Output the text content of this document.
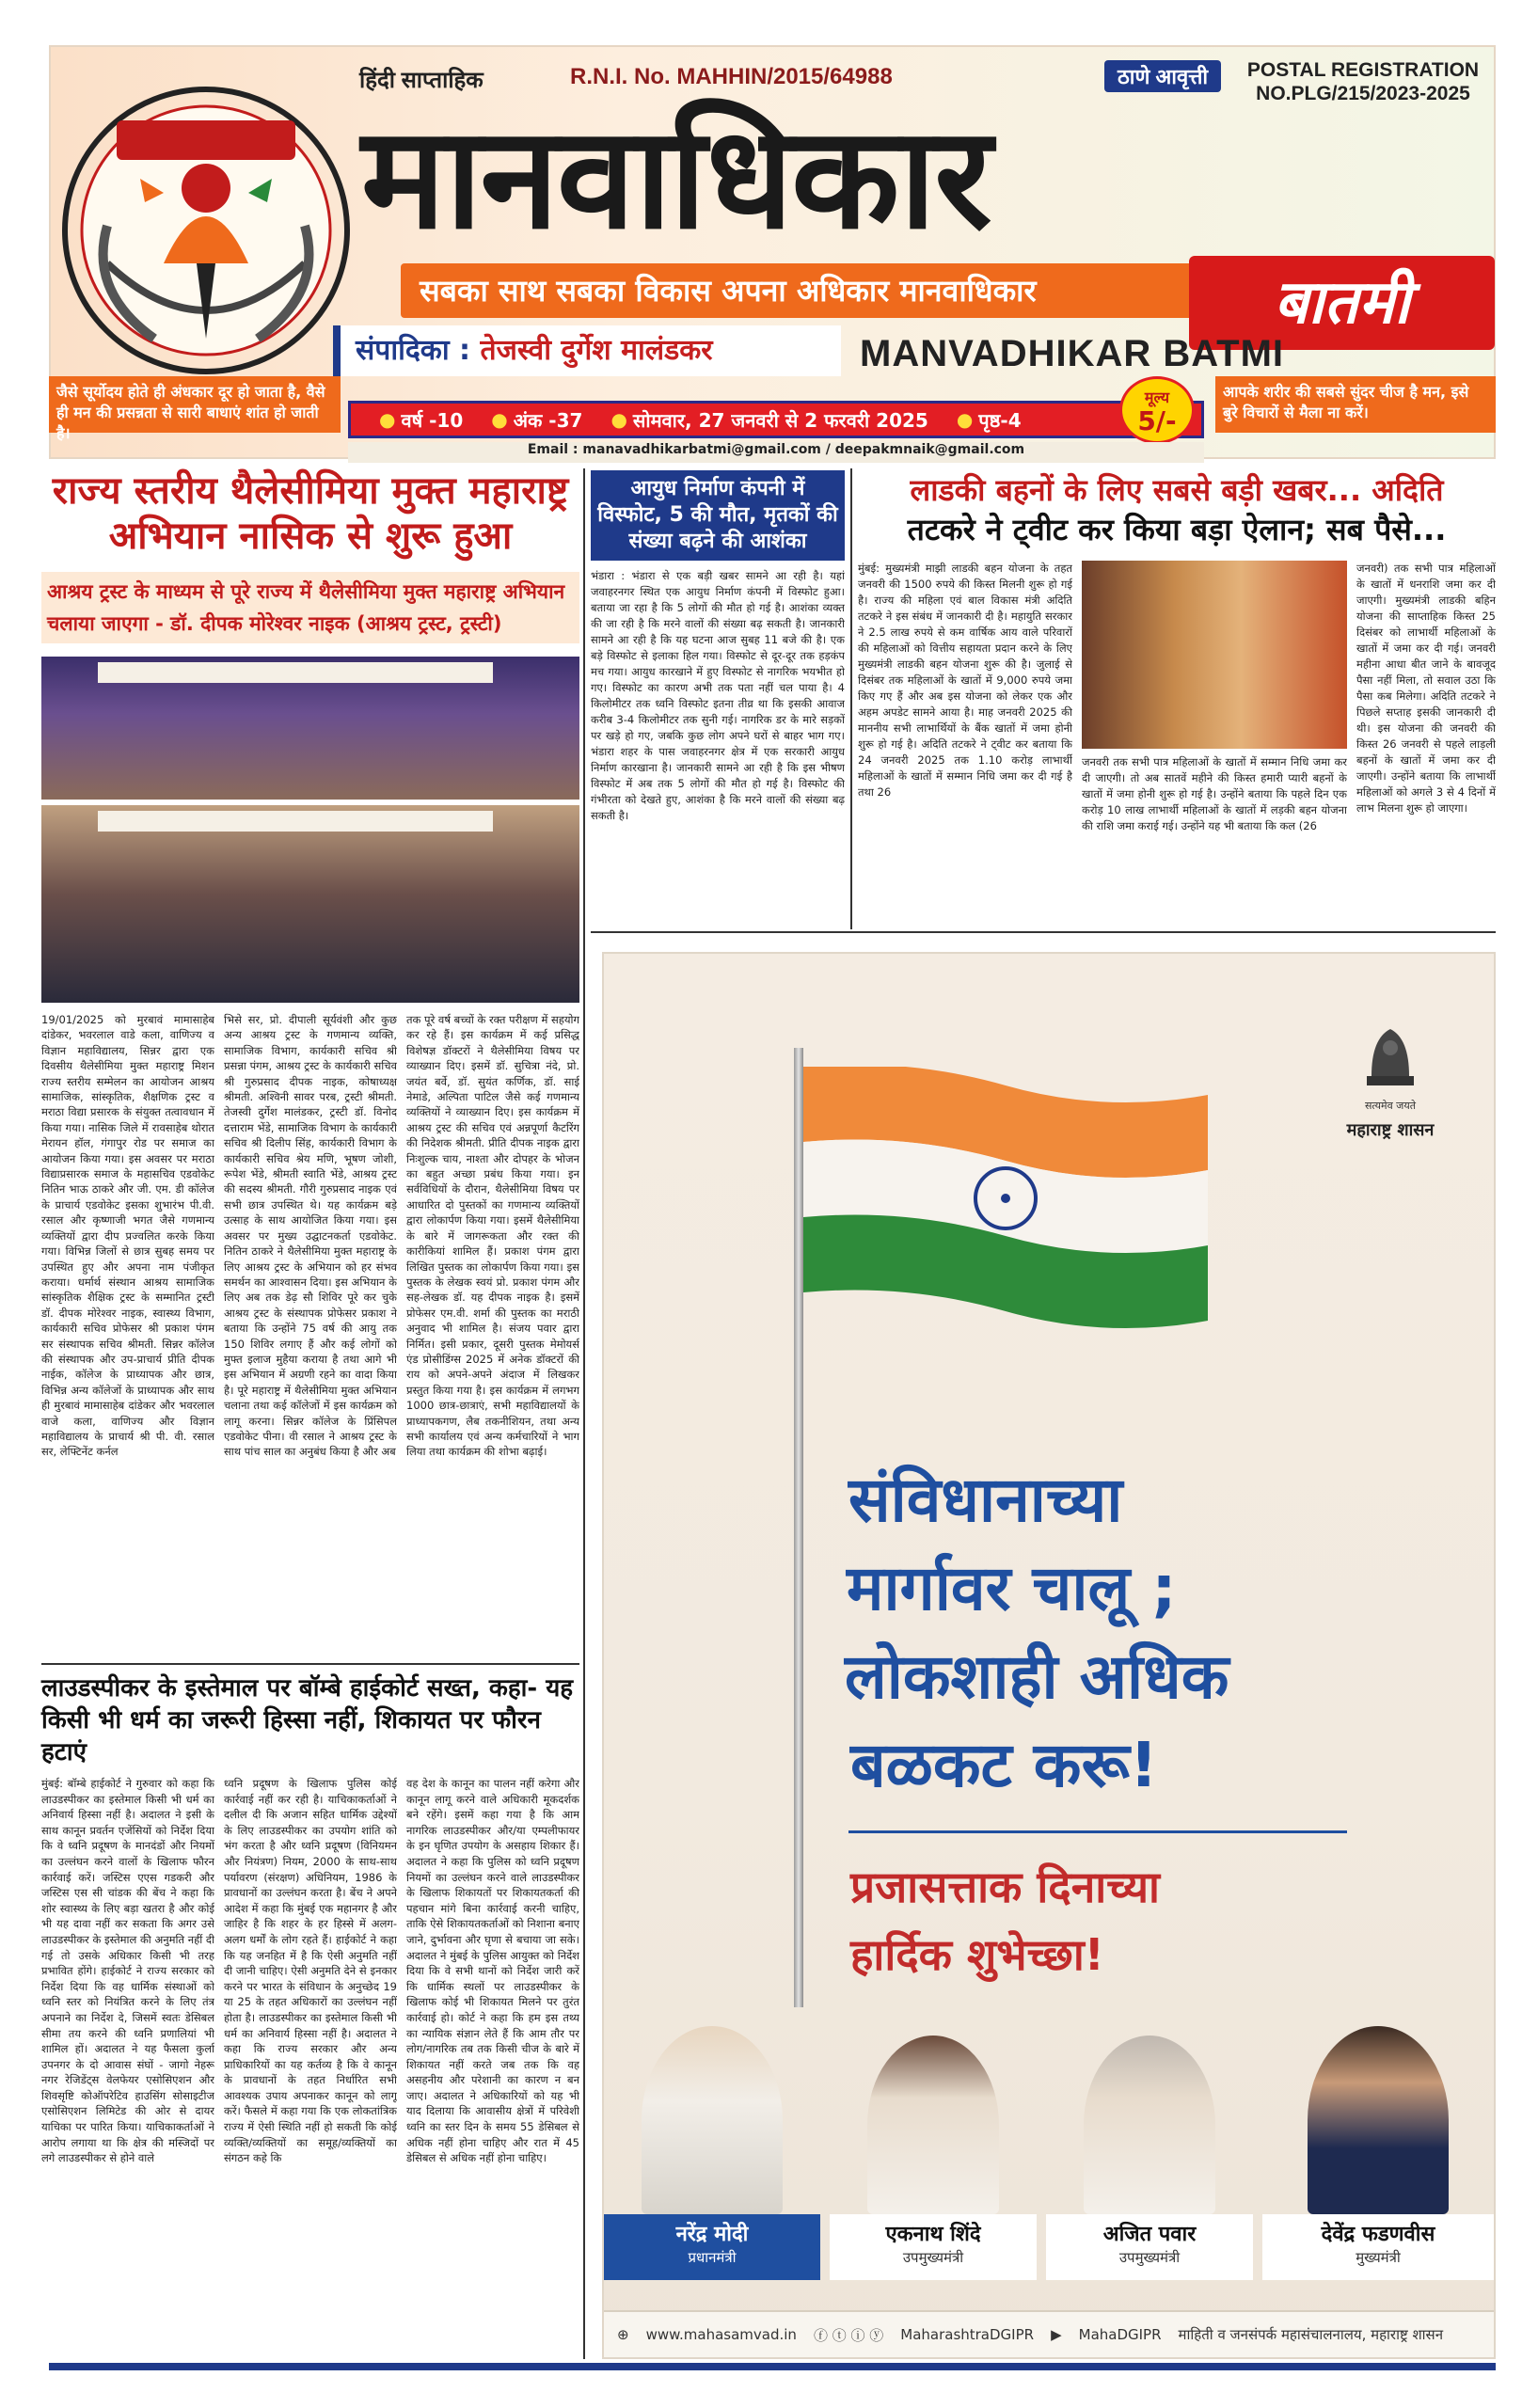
हिंदी साप्ताहिक	R.N.I. No. MAHHIN/2015/64988	ठाणे आवृत्ती	POSTAL REGISTRATION
NO.PLG/215/2023-2025
मानवाधिकार
सबका साथ सबका विकास अपना अधिकार मानवाधिकार	बातमी
संपादिका : तेजस्वी दुर्गेश मालंडकर	MANVADHIKAR BATMI
जैसे सूर्योदय होते ही अंधकार दूर हो जाता है, वैसे ही मन की प्रसन्नता से सारी बाधाएं शांत हो जाती है।
आपके शरीर की सबसे सुंदर चीज है मन, इसे बुरे विचारों से मैला ना करें।
● वर्ष -10 ● अंक -37 ● सोमवार, 27 जनवरी से 2 फरवरी 2025 ● पृष्ठ-4
मूल्य
5/-
Email : manavadhikarbatmi@gmail.com / deepakmnaik@gmail.com
राज्य स्तरीय थैलेसीमिया मुक्त महाराष्ट्र अभियान नासिक से शुरू हुआ
आश्रय ट्रस्ट के माध्यम से पूरे राज्य में थैलेसीमिया मुक्त महाराष्ट्र अभियान चलाया जाएगा - डॉ. दीपक मोरेश्वर नाइक (आश्रय ट्रस्ट, ट्रस्टी)
19/01/2025 को मुरबावं मामासाहेब दांडेकर, भवरलाल वाडे कला, वाणिज्य व विज्ञान महाविद्यालय, सिन्नर द्वारा एक दिवसीय थैलेसीमिया मुक्त महाराष्ट्र मिशन राज्य स्तरीय सम्मेलन का आयोजन आश्रय सामाजिक, सांस्कृतिक, शैक्षणिक ट्रस्ट व मराठा विद्या प्रसारक के संयुक्त तत्वावधान में किया गया। नासिक जिले में रावसाहेब थोरात मेरायन हॉल, गंगापुर रोड पर समाज का आयोजन किया गया। इस अवसर पर मराठा विद्याप्रसारक समाज के महासचिव एडवोकेट नितिन भाऊ ठाकरे और जी. एम. डी कॉलेज के प्राचार्य एडवोकेट इसका शुभारंभ पी.वी. रसाल और कृष्णाजी भगत जैसे गणमान्य व्यक्तियों द्वारा दीप प्रज्वलित करके किया गया। विभिन्न जिलों से छात्र सुबह समय पर उपस्थित हुए और अपना नाम पंजीकृत कराया। धर्मार्थ संस्थान आश्रय सामाजिक सांस्कृतिक शैक्षिक ट्रस्ट के सम्मानित ट्रस्टी डॉ. दीपक मोरेश्वर नाइक, स्वास्थ्य विभाग, कार्यकारी सचिव प्रोफेसर श्री प्रकाश पंगम सर संस्थापक सचिव श्रीमती. सिन्नर कॉलेज की संस्थापक और उप-प्राचार्य प्रीति दीपक नाईक, कॉलेज के प्राध्यापक और छात्र, विभिन्न अन्य कॉलेजों के प्राध्यापक और साथ ही मुरबावं मामासाहेब दांडेकर और भवरलाल वाजे कला, वाणिज्य और विज्ञान महाविद्यालय के प्राचार्य श्री पी. वी. रसाल सर, लेफ्टिनेंट कर्नल
भिसे सर, प्रो. दीपाली सूर्यवंशी और कुछ अन्य आश्रय ट्रस्ट के गणमान्य व्यक्ति, सामाजिक विभाग, कार्यकारी सचिव श्री प्रसन्ना पंगम, आश्रय ट्रस्ट के कार्यकारी सचिव श्री गुरुप्रसाद दीपक नाइक, कोषाध्यक्ष श्रीमती. अश्विनी सावर परब, ट्रस्टी श्रीमती. तेजस्वी दुर्गेश मालंडकर, ट्रस्टी डॉ. विनोद दत्ताराम भेंडे, सामाजिक विभाग के कार्यकारी सचिव श्री दिलीप सिंह, कार्यकारी विभाग के कार्यकारी सचिव श्रेय मणि, भूषण जोशी, रूपेश भेंडे, श्रीमती स्वाति भेंडे, आश्रय ट्रस्ट की सदस्य श्रीमती. गौरी गुरुप्रसाद नाइक एवं सभी छात्र उपस्थित थे। यह कार्यक्रम बड़े उत्साह के साथ आयोजित किया गया। इस अवसर पर मुख्य उद्घाटनकर्ता एडवोकेट. नितिन ठाकरे ने थैलेसीमिया मुक्त महाराष्ट्र के लिए आश्रय ट्रस्ट के अभियान को हर संभव समर्थन का आश्वासन दिया। इस अभियान के लिए अब तक डेढ़ सौ शिविर पूरे कर चुके आश्रय ट्रस्ट के संस्थापक प्रोफेसर प्रकाश ने बताया कि उन्होंने 75 वर्ष की आयु तक 150 शिविर लगाए हैं और कई लोगों को मुफ्त इलाज मुहैया कराया है तथा आगे भी इस अभियान में अग्रणी रहने का वादा किया है। पूरे महाराष्ट्र में थैलेसीमिया मुक्त अभियान चलाना तथा कई कॉलेजों में इस कार्यक्रम को लागू करना। सिन्नर कॉलेज के प्रिंसिपल एडवोकेट पीना। वी रसाल ने आश्रय ट्रस्ट के साथ पांच साल का अनुबंध किया है और अब
तक पूरे वर्ष बच्चों के रक्त परीक्षण में सहयोग कर रहे हैं। इस कार्यक्रम में कई प्रसिद्ध विशेषज्ञ डॉक्टरों ने थैलेसीमिया विषय पर व्याख्यान दिए। इसमें डॉ. सुचित्रा नंदे, प्रो. जयंत बर्वे, डॉ. सुयंत कर्णिक, डॉ. साई नेमाडे, अल्पिता पाटिल जैसे कई गणमान्य व्यक्तियों ने व्याख्यान दिए। इस कार्यक्रम में आश्रय ट्रस्ट की सचिव एवं अन्नपूर्णा कैटरिंग की निदेशक श्रीमती. प्रीति दीपक नाइक द्वारा निःशुल्क चाय, नाश्ता और दोपहर के भोजन का बहुत अच्छा प्रबंध किया गया। इन सर्वविधियों के दौरान, थैलेसीमिया विषय पर आधारित दो पुस्तकों का गणमान्य व्यक्तियों द्वारा लोकार्पण किया गया। इसमें थैलेसीमिया के बारे में जागरूकता और रक्त की कारीकियां शामिल हैं। प्रकाश पंगम द्वारा लिखित पुस्तक का लोकार्पण किया गया। इस पुस्तक के लेखक स्वयं प्रो. प्रकाश पंगम और सह-लेखक डॉ. यह दीपक नाइक है। इसमें प्रोफेसर एम.वी. शर्मा की पुस्तक का मराठी अनुवाद भी शामिल है। संजय पवार द्वारा निर्मित। इसी प्रकार, दूसरी पुस्तक मेमोयर्स एंड प्रोसीडिंग्स 2025 में अनेक डॉक्टरों की राय को अपने-अपने अंदाज में लिखकर प्रस्तुत किया गया है। इस कार्यक्रम में लगभग 1000 छात्र-छात्राएं, सभी महाविद्यालयों के प्राध्यापकगण, लैब तकनीशियन, तथा अन्य सभी कार्यालय एवं अन्य कर्मचारियों ने भाग लिया तथा कार्यक्रम की शोभा बढ़ाई।
आयुध निर्माण कंपनी में विस्फोट, 5 की मौत, मृतकों की संख्या बढ़ने की आशंका
भंडारा : भंडारा से एक बड़ी खबर सामने आ रही है। यहां जवाहरनगर स्थित एक आयुध निर्माण कंपनी में विस्फोट हुआ। बताया जा रहा है कि 5 लोगों की मौत हो गई है। आशंका व्यक्त की जा रही है कि मरने वालों की संख्या बढ़ सकती है। जानकारी सामने आ रही है कि यह घटना आज सुबह 11 बजे की है। एक बड़े विस्फोट से इलाका हिल गया। विस्फोट से दूर-दूर तक हड़कंप मच गया। आयुध कारखाने में हुए विस्फोट से नागरिक भयभीत हो गए। विस्फोट का कारण अभी तक पता नहीं चल पाया है। 4 किलोमीटर तक ध्वनि विस्फोट इतना तीव्र था कि इसकी आवाज करीब 3-4 किलोमीटर तक सुनी गई। नागरिक डर के मारे सड़कों पर खड़े हो गए, जबकि कुछ लोग अपने घरों से बाहर भाग गए। भंडारा शहर के पास जवाहरनगर क्षेत्र में एक सरकारी आयुध निर्माण कारखाना है। जानकारी सामने आ रही है कि इस भीषण विस्फोट में अब तक 5 लोगों की मौत हो गई है। विस्फोट की गंभीरता को देखते हुए, आशंका है कि मरने वालों की संख्या बढ़ सकती है।
लाडकी बहनों के लिए सबसे बड़ी खबर... अदिति
तटकरे ने ट्वीट कर किया बड़ा ऐलान; सब पैसे...
मुंबई: मुख्यमंत्री माझी लाडकी बहन योजना के तहत जनवरी की 1500 रुपये की किस्त मिलनी शुरू हो गई है। राज्य की महिला एवं बाल विकास मंत्री अदिति तटकरे ने इस संबंध में जानकारी दी है। महायुति सरकार ने 2.5 लाख रुपये से कम वार्षिक आय वाले परिवारों की महिलाओं को वित्तीय सहायता प्रदान करने के लिए मुख्यमंत्री लाडकी बहन योजना शुरू की है। जुलाई से दिसंबर तक महिलाओं के खातों में 9,000 रुपये जमा किए गए हैं और अब इस योजना को लेकर एक और अहम अपडेट सामने आया है। माह जनवरी 2025 की माननीय सभी लाभार्थियों के बैंक खातों में जमा होनी शुरू हो गई है। अदिति तटकरे ने ट्वीट कर बताया कि 24 जनवरी 2025 तक 1.10 करोड़ लाभार्थी महिलाओं के खातों में सम्मान निधि जमा कर दी गई है तथा 26
जनवरी तक सभी पात्र महिलाओं के खातों में सम्मान निधि जमा कर दी जाएगी। तो अब सातवें महीने की किस्त हमारी प्यारी बहनों के खातों में जमा होनी शुरू हो गई है। उन्होंने बताया कि पहले दिन एक करोड़ 10 लाख लाभार्थी महिलाओं के खातों में लड़की बहन योजना की राशि जमा कराई गई। उन्होंने यह भी बताया कि कल (26
जनवरी) तक सभी पात्र महिलाओं के खातों में धनराशि जमा कर दी जाएगी। मुख्यमंत्री लाडकी बहिन योजना की साप्ताहिक किस्त 25 दिसंबर को लाभार्थी महिलाओं के खातों में जमा कर दी गई। जनवरी महीना आधा बीत जाने के बावजूद पैसा नहीं मिला, तो सवाल उठा कि पैसा कब मिलेगा। अदिति तटकरे ने पिछले सप्ताह इसकी जानकारी दी थी। इस योजना की जनवरी की किस्त 26 जनवरी से पहले लाड़ली बहनों के खातों में जमा कर दी जाएगी। उन्होंने बताया कि लाभार्थी महिलाओं को अगले 3 से 4 दिनों में लाभ मिलना शुरू हो जाएगा।
लाउडस्पीकर के इस्तेमाल पर बॉम्बे हाईकोर्ट सख्त, कहा- यह किसी भी धर्म का जरूरी हिस्सा नहीं, शिकायत पर फौरन हटाएं
मुंबई: बॉम्बे हाईकोर्ट ने गुरुवार को कहा कि लाउडस्पीकर का इस्तेमाल किसी भी धर्म का अनिवार्य हिस्सा नहीं है। अदालत ने इसी के साथ कानून प्रवर्तन एजेंसियों को निर्देश दिया कि वे ध्वनि प्रदूषण के मानदंडों और नियमों का उल्लंघन करने वालों के खिलाफ फौरन कार्रवाई करें। जस्टिस एएस गडकरी और जस्टिस एस सी चांडक की बेंच ने कहा कि शोर स्वास्थ्य के लिए बड़ा खतरा है और कोई भी यह दावा नहीं कर सकता कि अगर उसे लाउडस्पीकर के इस्तेमाल की अनुमति नहीं दी गई तो उसके अधिकार किसी भी तरह प्रभावित होंगे। हाईकोर्ट ने राज्य सरकार को निर्देश दिया कि वह धार्मिक संस्थाओं को ध्वनि स्तर को नियंत्रित करने के लिए तंत्र अपनाने का निर्देश दे, जिसमें स्वतः डेसिबल सीमा तय करने की ध्वनि प्रणालियां भी शामिल हों। अदालत ने यह फैसला कुर्ला उपनगर के दो आवास संघों - जागो नेहरू नगर रेजिडेंट्स वेलफेयर एसोसिएशन और शिवसृष्टि कोऑपरेटिव हाउसिंग सोसाइटीज एसोसिएशन लिमिटेड की ओर से दायर याचिका पर पारित किया। याचिकाकर्ताओं ने आरोप लगाया था कि क्षेत्र की मस्जिदों पर लगे लाउडस्पीकर से होने वाले
ध्वनि प्रदूषण के खिलाफ पुलिस कोई कार्रवाई नहीं कर रही है। याचिकाकर्ताओं ने दलील दी कि अजान सहित धार्मिक उद्देश्यों के लिए लाउडस्पीकर का उपयोग शांति को भंग करता है और ध्वनि प्रदूषण (विनियमन और नियंत्रण) नियम, 2000 के साथ-साथ पर्यावरण (संरक्षण) अधिनियम, 1986 के प्रावधानों का उल्लंघन करता है। बेंच ने अपने आदेश में कहा कि मुंबई एक महानगर है और जाहिर है कि शहर के हर हिस्से में अलग-अलग धर्मों के लोग रहते हैं। हाईकोर्ट ने कहा कि यह जनहित में है कि ऐसी अनुमति नहीं दी जानी चाहिए। ऐसी अनुमति देने से इनकार करने पर भारत के संविधान के अनुच्छेद 19 या 25 के तहत अधिकारों का उल्लंघन नहीं होता है। लाउडस्पीकर का इस्तेमाल किसी भी धर्म का अनिवार्य हिस्सा नहीं है। अदालत ने कहा कि राज्य सरकार और अन्य प्राधिकारियों का यह कर्तव्य है कि वे कानून के प्रावधानों के तहत निर्धारित सभी आवश्यक उपाय अपनाकर कानून को लागू करें। फैसले में कहा गया कि एक लोकतांत्रिक राज्य में ऐसी स्थिति नहीं हो सकती कि कोई व्यक्ति/व्यक्तियों का समूह/व्यक्तियों का संगठन कहे कि
वह देश के कानून का पालन नहीं करेगा और कानून लागू करने वाले अधिकारी मूकदर्शक बने रहेंगे। इसमें कहा गया है कि आम नागरिक लाउडस्पीकर और/या एम्पलीफायर के इन घृणित उपयोग के असहाय शिकार हैं। अदालत ने कहा कि पुलिस को ध्वनि प्रदूषण नियमों का उल्लंघन करने वाले लाउडस्पीकर के खिलाफ शिकायतों पर शिकायतकर्ता की पहचान मांगे बिना कार्रवाई करनी चाहिए, ताकि ऐसे शिकायतकर्ताओं को निशाना बनाए जाने, दुर्भावना और घृणा से बचाया जा सके। अदालत ने मुंबई के पुलिस आयुक्त को निर्देश दिया कि वे सभी थानों को निर्देश जारी करें कि धार्मिक स्थलों पर लाउडस्पीकर के खिलाफ कोई भी शिकायत मिलने पर तुरंत कार्रवाई हो। कोर्ट ने कहा कि हम इस तथ्य का न्यायिक संज्ञान लेते हैं कि आम तौर पर लोग/नागरिक तब तक किसी चीज के बारे में शिकायत नहीं करते जब तक कि वह असहनीय और परेशानी का कारण न बन जाए। अदालत ने अधिकारियों को यह भी याद दिलाया कि आवासीय क्षेत्रों में परिवेशी ध्वनि का स्तर दिन के समय 55 डेसिबल से अधिक नहीं होना चाहिए और रात में 45 डेसिबल से अधिक नहीं होना चाहिए।
सत्यमेव जयते
महाराष्ट्र शासन
संविधानाच्या
मार्गावर चालू ;
लोकशाही अधिक
बळकट करू!
प्रजासत्ताक दिनाच्या
हार्दिक शुभेच्छा!
नरेंद्र मोदी
प्रधानमंत्री
एकनाथ शिंदे
उपमुख्यमंत्री
अजित पवार
उपमुख्यमंत्री
देवेंद्र फडणवीस
मुख्यमंत्री
⊕ www.mahasamvad.in ⓕ ⓣ ⓘ ⓨ MaharashtraDGIPR ▶ MahaDGIPR माहिती व जनसंपर्क महासंचालनालय, महाराष्ट्र शासन
